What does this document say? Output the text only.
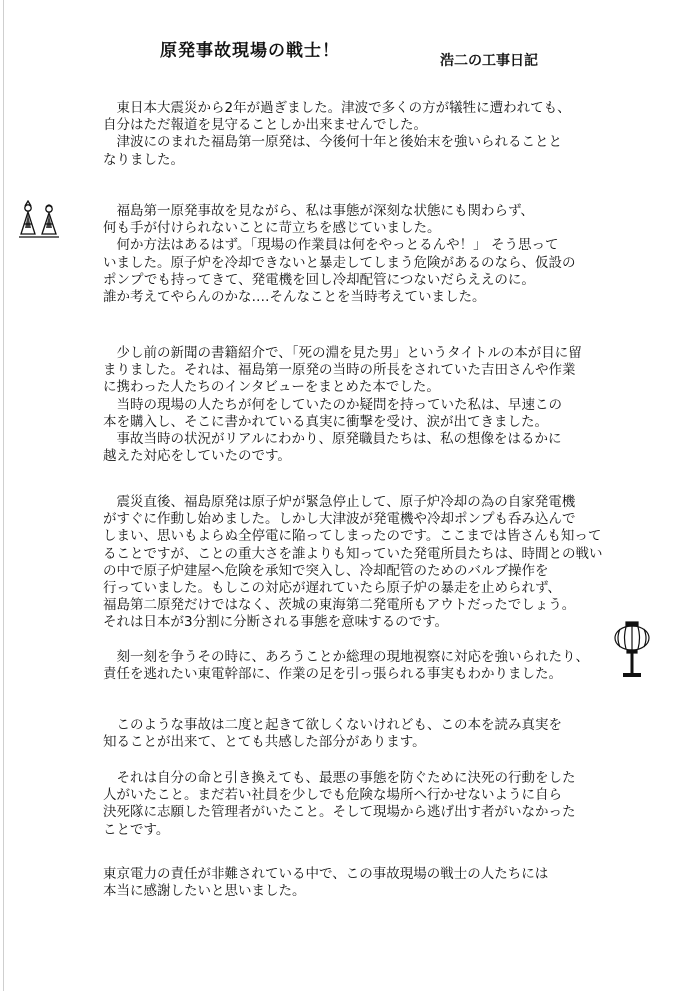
原発事故現場の戦士！	浩二の工事日記
　東日本大震災から2年が過ぎました。津波で多くの方が犠牲に遭われても、
自分はただ報道を見守ることしか出来ませんでした。
　津波にのまれた福島第一原発は、今後何十年と後始末を強いられることと
なりました。
　福島第一原発事故を見ながら、私は事態が深刻な状態にも関わらず、
何も手が付けられないことに苛立ちを感じていました。
　何か方法はあるはず。「現場の作業員は何をやっとるんや！」 そう思って
いました。原子炉を冷却できないと暴走してしまう危険があるのなら、仮設の
ポンプでも持ってきて、発電機を回し冷却配管につないだらええのに。
誰か考えてやらんのかな‥‥そんなことを当時考えていました。
　少し前の新聞の書籍紹介で、「死の淵を見た男」というタイトルの本が目に留
まりました。それは、福島第一原発の当時の所長をされていた吉田さんや作業
に携わった人たちのインタビューをまとめた本でした。
　当時の現場の人たちが何をしていたのか疑問を持っていた私は、早速この
本を購入し、そこに書かれている真実に衝撃を受け、涙が出てきました。
　事故当時の状況がリアルにわかり、原発職員たちは、私の想像をはるかに
越えた対応をしていたのです。
　震災直後、福島原発は原子炉が緊急停止して、原子炉冷却の為の自家発電機
がすぐに作動し始めました。しかし大津波が発電機や冷却ポンプも呑み込んで
しまい、思いもよらぬ全停電に陥ってしまったのです。ここまでは皆さんも知って
ることですが、ことの重大さを誰よりも知っていた発電所員たちは、時間との戦い
の中で原子炉建屋へ危険を承知で突入し、冷却配管のためのバルブ操作を
行っていました。もしこの対応が遅れていたら原子炉の暴走を止められず、
福島第二原発だけではなく、茨城の東海第二発電所もアウトだったでしょう。
それは日本が3分割に分断される事態を意味するのです。
　刻一刻を争うその時に、あろうことか総理の現地視察に対応を強いられたり、
責任を逃れたい東電幹部に、作業の足を引っ張られる事実もわかりました。
　このような事故は二度と起きて欲しくないけれども、この本を読み真実を
知ることが出来て、とても共感した部分があります。
　それは自分の命と引き換えても、最悪の事態を防ぐために決死の行動をした
人がいたこと。まだ若い社員を少しでも危険な場所へ行かせないように自ら
決死隊に志願した管理者がいたこと。そして現場から逃げ出す者がいなかった
ことです。
東京電力の責任が非難されている中で、この事故現場の戦士の人たちには
本当に感謝したいと思いました。
